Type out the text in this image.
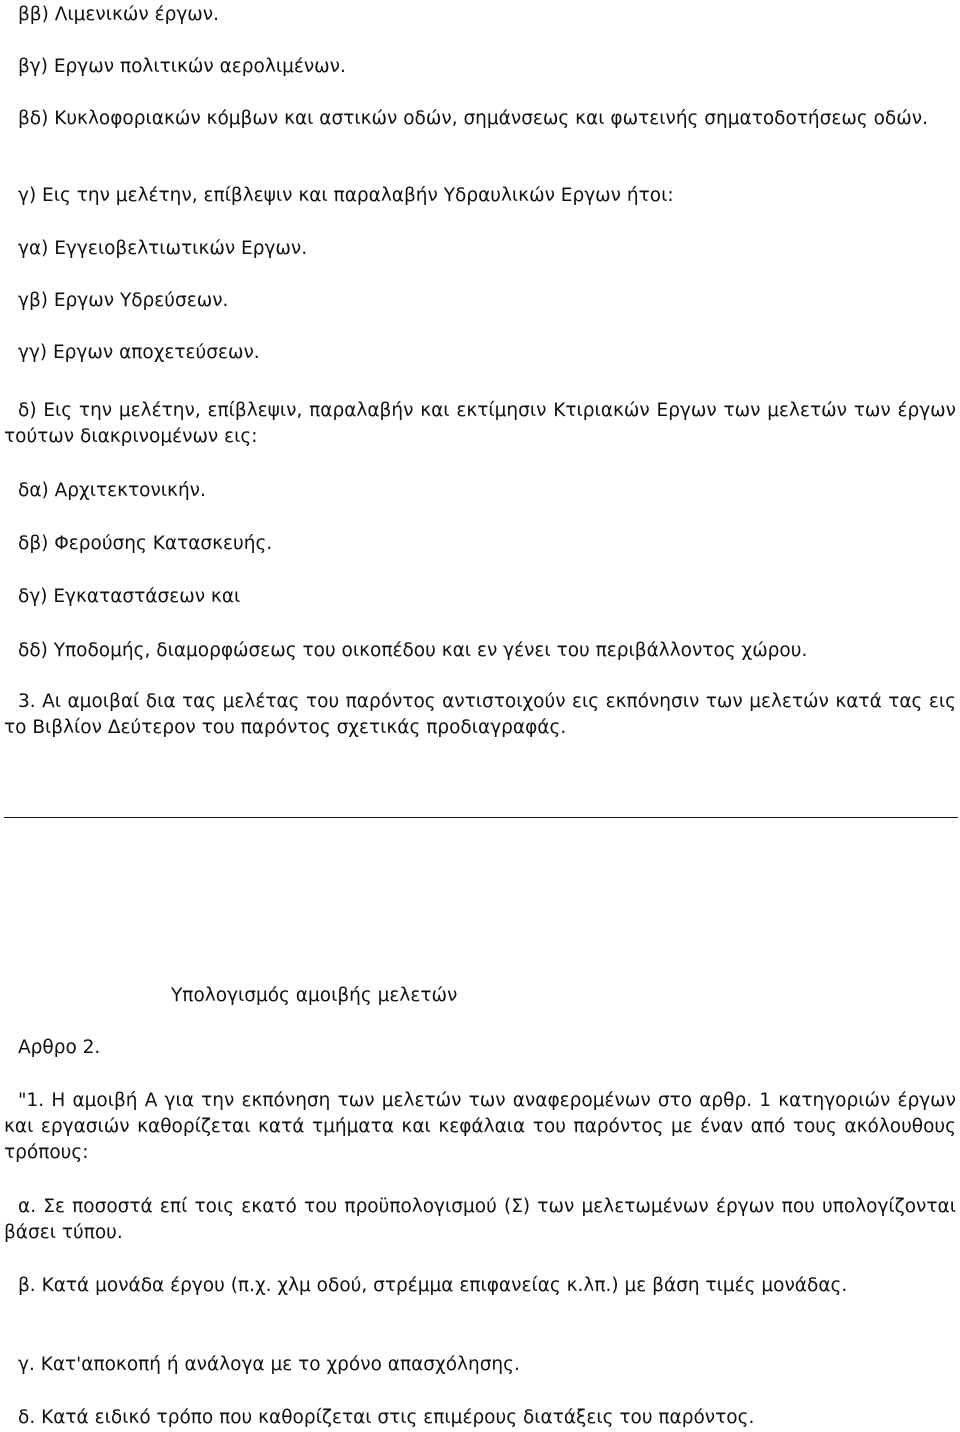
ββ) Λιμενικών έργων.
βγ) Εργων πολιτικών αερολιμένων.
βδ) Κυκλοφοριακών κόμβων και αστικών οδών, σημάνσεως και φωτεινής σηματοδοτήσεως οδών.
γ) Εις την μελέτην, επίβλεψιν και παραλαβήν Υδραυλικών Εργων ήτοι:
γα) Εγγειοβελτιωτικών Εργων.
γβ) Εργων Υδρεύσεων.
γγ) Εργων αποχετεύσεων.
δ) Εις την μελέτην, επίβλεψιν, παραλαβήν και εκτίμησιν Κτιριακών Εργων των μελετών των έργων τούτων διακρινομένων εις:
δα) Αρχιτεκτονικήν.
δβ) Φερούσης Κατασκευής.
δγ) Εγκαταστάσεων και
δδ) Υποδομής, διαμορφώσεως του οικοπέδου και εν γένει του περιβάλλοντος χώρου.
3. Αι αμοιβαί δια τας μελέτας του παρόντος αντιστοιχούν εις εκπόνησιν των μελετών κατά τας εις το Βιβλίον Δεύτερον του παρόντος σχετικάς προδιαγραφάς.
Υπολογισμός αμοιβής μελετών
Αρθρο 2.
"1. Η αμοιβή Α για την εκπόνηση των μελετών των αναφερομένων στο αρθρ. 1 κατηγοριών έργων και εργασιών καθορίζεται κατά τμήματα και κεφάλαια του παρόντος με έναν από τους ακόλουθους τρόπους:
α. Σε ποσοστά επί τοις εκατό του προϋπολογισμού (Σ) των μελετωμένων έργων που υπολογίζονται βάσει τύπου.
β. Κατά μονάδα έργου (π.χ. χλμ οδού, στρέμμα επιφανείας κ.λπ.) με βάση τιμές μονάδας.
γ. Κατ'αποκοπή ή ανάλογα με το χρόνο απασχόλησης.
δ. Κατά ειδικό τρόπο που καθορίζεται στις επιμέρους διατάξεις του παρόντος.
